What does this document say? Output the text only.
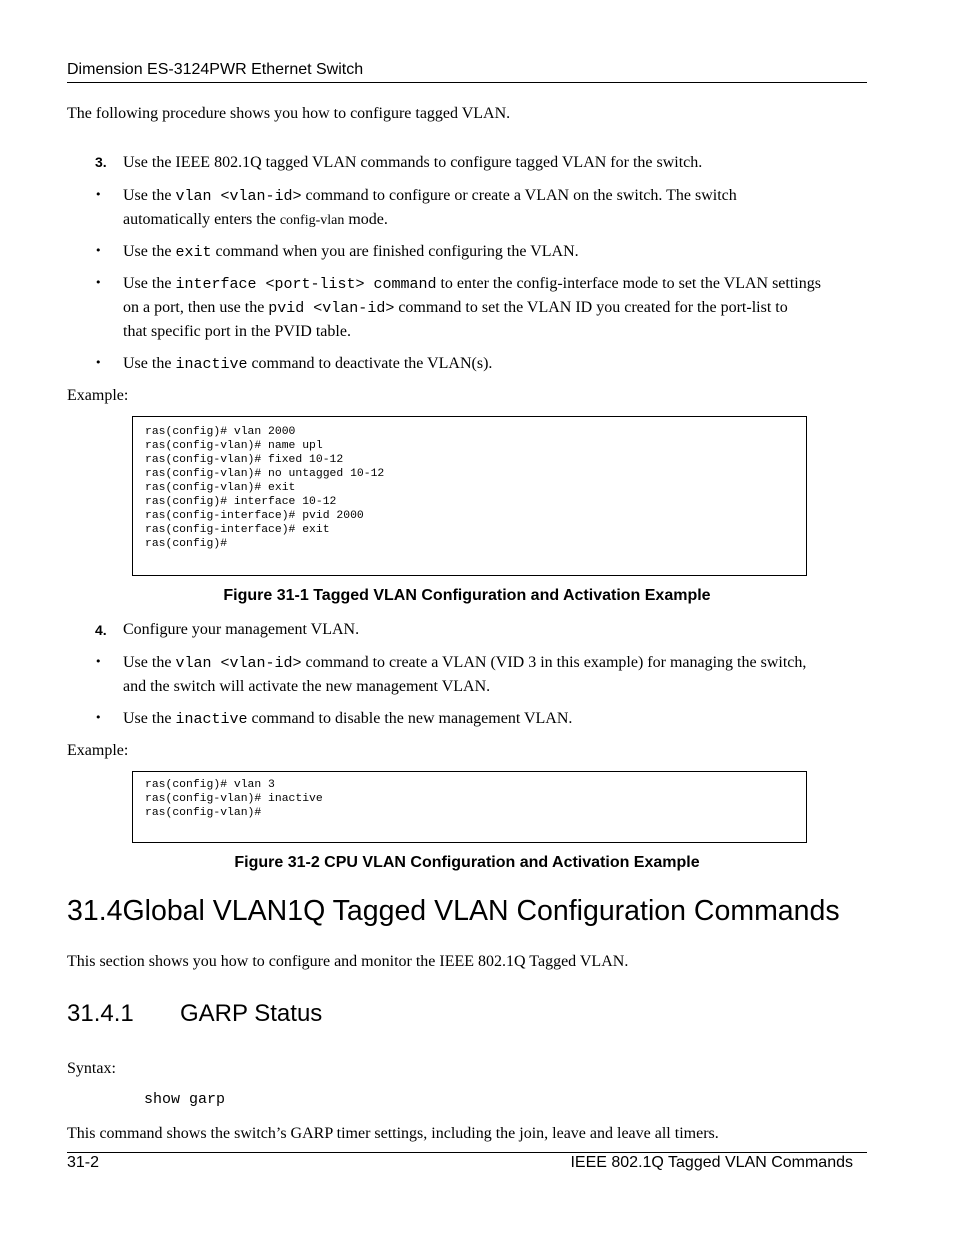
Dimension ES-3124PWR Ethernet Switch
The following procedure shows you how to configure tagged VLAN.
3. Use the IEEE 802.1Q tagged VLAN commands to configure tagged VLAN for the switch.
• Use the vlan <vlan-id> command to configure or create a VLAN on the switch. The switch
automatically enters the config-vlan mode.
• Use the exit command when you are finished configuring the VLAN.
• Use the interface <port-list> command to enter the config-interface mode to set the VLAN settings
on a port, then use the pvid <vlan-id> command to set the VLAN ID you created for the port-list to
that specific port in the PVID table.
• Use the inactive command to deactivate the VLAN(s).
Example:
ras(config)# vlan 2000
ras(config-vlan)# name upl
ras(config-vlan)# fixed 10-12
ras(config-vlan)# no untagged 10-12
ras(config-vlan)# exit
ras(config)# interface 10-12
ras(config-interface)# pvid 2000
ras(config-interface)# exit
ras(config)#
Figure 31-1 Tagged VLAN Configuration and Activation Example
4. Configure your management VLAN.
• Use the vlan <vlan-id> command to create a VLAN (VID 3 in this example) for managing the switch,
and the switch will activate the new management VLAN.
• Use the inactive command to disable the new management VLAN.
Example:
ras(config)# vlan 3
ras(config-vlan)# inactive
ras(config-vlan)#
Figure 31-2 CPU VLAN Configuration and Activation Example
31.4Global VLAN1Q Tagged VLAN Configuration Commands
This section shows you how to configure and monitor the IEEE 802.1Q Tagged VLAN.
31.4.1 GARP Status
Syntax:
show garp
This command shows the switch’s GARP timer settings, including the join, leave and leave all timers.
31-2	IEEE 802.1Q Tagged VLAN Commands
